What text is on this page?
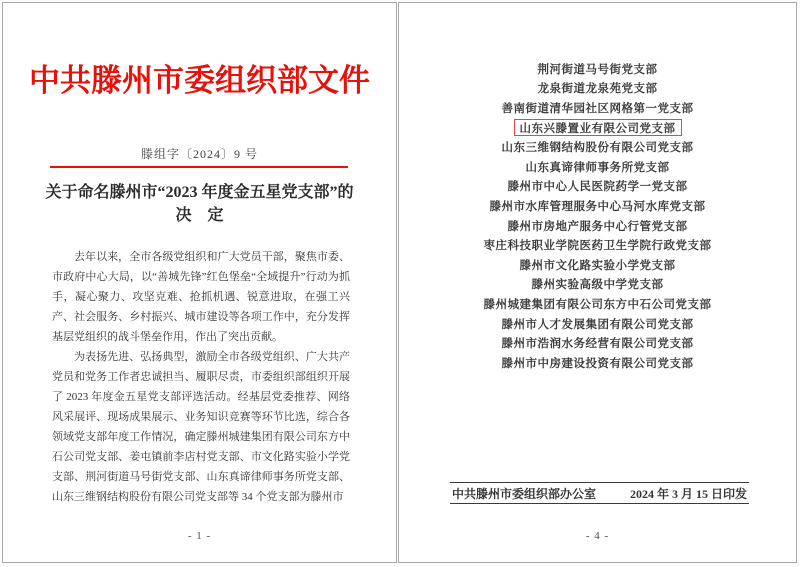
中共滕州市委组织部文件
滕组字〔2024〕9 号
关于命名滕州市“2023 年度金五星党支部”的
决　定

去年以来，全市各级党组织和广大党员干部，聚焦市委、市政府中心大局，以“善城先锋”红色堡垒“全域提升”行动为抓手，凝心聚力、攻坚克难、抢抓机遇、锐意进取，在强工兴产、社会服务、乡村振兴、城市建设等各项工作中，充分发挥基层党组织的战斗堡垒作用，作出了突出贡献。

为表扬先进、弘扬典型，激励全市各级党组织、广大共产党员和党务工作者忠诚担当、履职尽责，市委组织部组织开展了 2023 年度金五星党支部评选活动。经基层党委推荐、网络风采展评、现场成果展示、业务知识竞赛等环节比选，综合各领域党支部年度工作情况，确定滕州城建集团有限公司东方中石公司党支部、姜屯镇前李店村党支部、市文化路实验小学党支部、荆河街道马号街党支部、山东真谛律师事务所党支部、山东三维钢结构股份有限公司党支部等 34 个党支部为滕州市

- 1 -
荆河街道马号街党支部
龙泉街道龙泉苑党支部
善南街道清华园社区网格第一党支部
山东兴滕置业有限公司党支部
山东三维钢结构股份有限公司党支部
山东真谛律师事务所党支部
滕州市中心人民医院药学一党支部
滕州市水库管理服务中心马河水库党支部
滕州市房地产服务中心行管党支部
枣庄科技职业学院医药卫生学院行政党支部
滕州市文化路实验小学党支部
滕州实验高级中学党支部
滕州城建集团有限公司东方中石公司党支部
滕州市人才发展集团有限公司党支部
滕州市浩润水务经营有限公司党支部
滕州市中房建设投资有限公司党支部
中共滕州市委组织部办公室	2024 年 3 月 15 日印发
- 4 -
